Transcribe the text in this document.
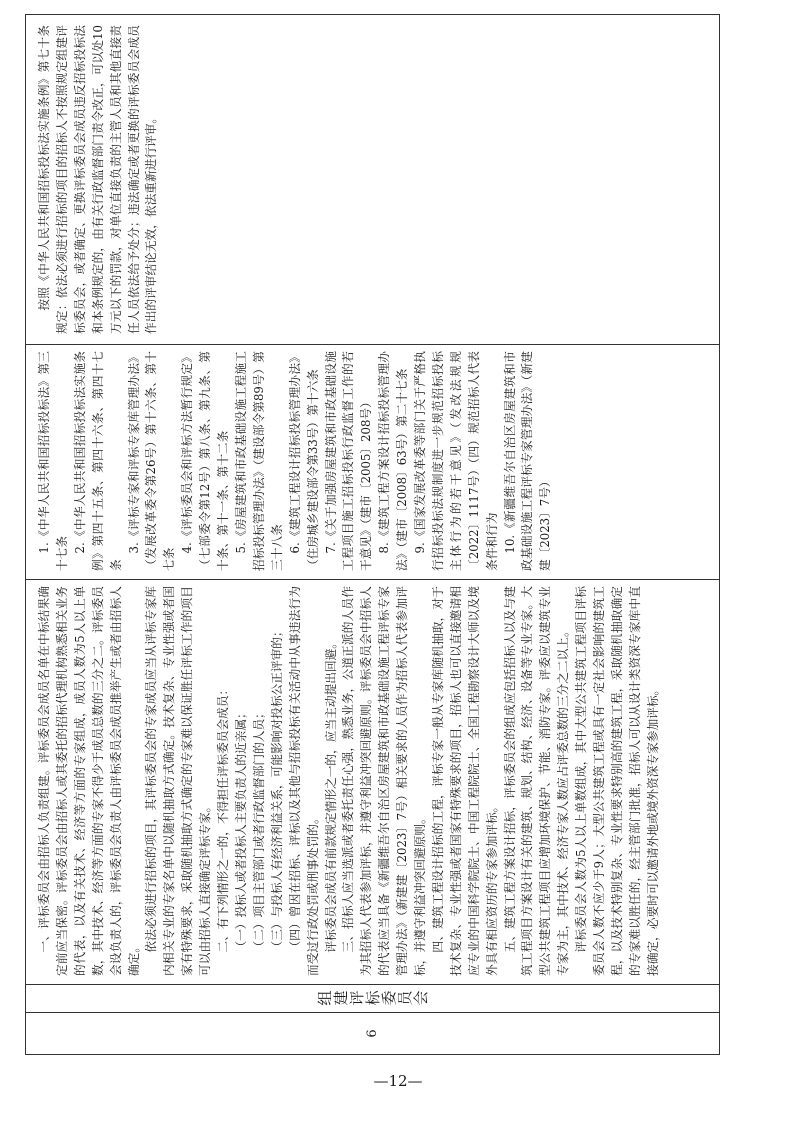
6	
组建评标委员会

一、评标委员会由招标人负责组建。评标委员会成员名单在中标结果确定前应当保密。评标委员会由招标人或其委托的招标代理机构熟悉相关业务的代表，以及有关技术、经济等方面的专家组成，成员人数为5人以上单数，其中技术、经济等方面的专家不得少于成员总数的三分之二。评标委员会设负责人的，评标委员会负责人由评标委员会成员推举产生或者由招标人确定。

依法必须进行招标的项目，其评标委员会的专家成员应当从评标专家库内相关专业的专家名单中以随机抽取方式确定。技术复杂、专业性强或者国家有特殊要求，采取随机抽取方式确定的专家难以保证胜任评标工作的项目可以由招标人直接确定评标专家。 二、有下列情形之一的，不得担任评标委员会成员： （一）投标人或者投标人主要负责人的近亲属； （二）项目主管部门或者行政监督部门的人员； （三）与投标人有经济利益关系，可能影响对投标公正评审的； （四）曾因在招标、评标以及其他与招标投标有关活动中从事违法行为而受过行政处罚或刑事处罚的。 评标委员会成员有前款规定情形之一的，应当主动提出回避。 三、招标人应当选派或者委托责任心强，熟悉业务，公道正派的人员作为其招标人代表参加评标，并遵守利益冲突回避原则。评标委员会中招标人的代表应当具备《新疆维吾尔自治区房屋建筑和市政基础设施工程评标专家管理办法》（新建建〔2023〕7号）相关要求的人员作为招标人代表参加评标，并遵守利益冲突回避原则。 四、建筑工程设计招标的工程，评标专家一般从专家库随机抽取，对于技术复杂、专业性强或者国家有特殊要求的项目，招标人也可以直接邀请相应专业的中国科学院院士、中国工程院院士、全国工程勘察设计大师以及境外具有相应资历的专家参加评标。 五、建筑工程方案设计招标，评标委员会的组成应包括招标人以及与建筑工程项目方案设计有关的建筑、规划、结构、经济、设备等专业专家。大型公共建筑工程项目应增加环境保护、节能、消防专家。评委应以建筑专业专家为主，其中技术、经济专家人数应占评委总数的三分之二以上。 评标委员会人数为5人以上单数组成，其中大型公共建筑工程项目评标委员会人数不应少于9人；大型公共建筑工程或具有一定社会影响的建筑工程，以及技术特别复杂、专业性要求特别高的建筑工程，采取随机抽取确定的专家难以胜任的，经主管部门批准，招标人可以从设计类资深专家库中直接确定，必要时可以邀请外地或境外资深专家参加评标。

1.《中华人民共和国招标投标法》第三十七条

2.《中华人民共和国招标投标法实施条例》第四十五条、第四十六条、第四十七条

3.《评标专家和评标专家库管理办法》（发展改革委令第26号）第十六条、第十七条

4.《评标委员会和评标方法暂行规定》（七部委令第12号）第八条、第九条、第十条、第十一条、第十二条 5.《房屋建筑和市政基础设施工程施工招标投标管理办法》（建设部令第89号）第三十八条 6.《建筑工程设计招标投标管理办法》（住房城乡建设部令第33号）第十六条 7.《关于加强房屋建筑和市政基础设施工程项目施工招标投标行政监督工作的若干意见》（建市〔2005〕208号） 8.《建筑工程方案设计招标投标管理办法》（建市〔2008〕63号）第二十七条 9.《国家发展改革委等部门关于严格执行招标投标法规制度进一步规范招标投标主体行为的若干意见》（发改法规规〔2022〕1117号）（四）规范招标人代表条件和行为 10.《新疆维吾尔自治区房屋建筑和市政基础设施工程评标专家管理办法》（新建建〔2023〕7号）

按照《中华人民共和国招标投标法实施条例》第七十条规定：依法必须进行招标的项目的招标人不按照规定组建评标委员会，或者确定、更换评标委员会成员违反招标投标法和本条例规定的，由有关行政监督部门责令改正，可以处10万元以下的罚款，对单位直接负责的主管人员和其他直接责任人员依法给予处分；违法确定或者更换的评标委员会成员作出的评审结论无效，依法重新进行评审。

—12—
